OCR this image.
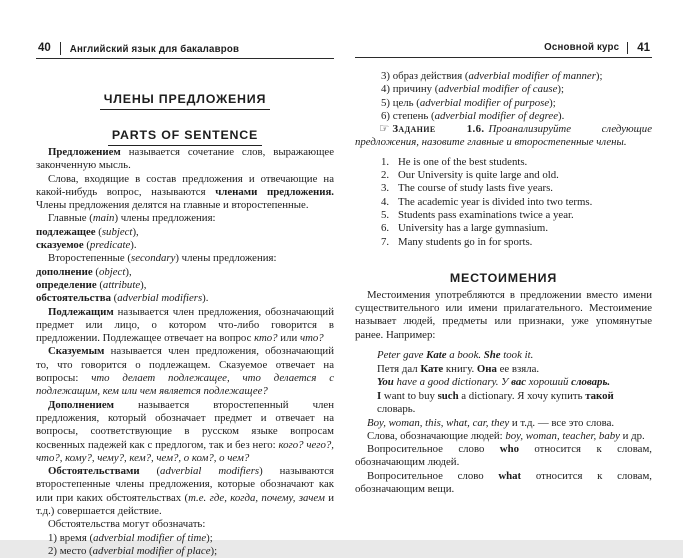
40	Английский язык для бакалавров
ЧЛЕНЫ ПРЕДЛОЖЕНИЯ
PARTS OF SENTENCE

Предложением называется сочетание слов, выражающее законченную мысль.

Слова, входящие в состав предложения и отвечающие на какой-нибудь вопрос, называются членами предложения. Члены предложения делятся на главные и второстепенные.

Главные (main) члены предложения:

подлежащее (subject),

сказуемое (predicate).

Второстепенные (secondary) члены предложения:

дополнение (object),

определение (attribute),

обстоятельства (adverbial modifiers).

Подлежащим называется член предложения, обозначающий предмет или лицо, о котором что-либо говорится в предложении. Подлежащее отвечает на вопрос кто? или что?

Сказуемым называется член предложения, обозначающий то, что говорится о подлежащем. Сказуемое отвечает на вопросы: что делает подлежащее, что делается с подлежащим, кем или чем является подлежащее?

Дополнением называется второстепенный член предложения, который обозначает предмет и отвечает на вопросы, соответствующие в русском языке вопросам косвенных падежей как с предлогом, так и без него: кого? чего?, что?, кому?, чему?, кем?, чем?, о ком?, о чем?

Обстоятельствами (adverbial modifiers) называются второстепенные члены предложения, которые обозначают как или при каких обстоятельствах (т.е. где, когда, почему, зачем и т.д.) совершается действие.

Обстоятельства могут обозначать:

1) время (adverbial modifier of time);

2) место (adverbial modifier of place);

Основной курс	41

3) образ действия (adverbial modifier of manner);

4) причину (adverbial modifier of cause);

5) цель (adverbial modifier of purpose);

6) степень (adverbial modifier of degree).

☞ Задание 1.6. Проанализируйте следующие предложения, назовите главные и второстепенные члены.

1. He is one of the best students.

2. Our University is quite large and old.

3. The course of study lasts five years.

4. The academic year is divided into two terms.

5. Students pass examinations twice a year.

6. University has a large gymnasium.

7. Many students go in for sports.

МЕСТОИМЕНИЯ

Местоимения употребляются в предложении вместо имени существительного или имени прилагательного. Местоимение называет людей, предметы или признаки, уже упомянутые ранее. Например:

Peter gave Kate a book. She took it.

Петя дал Кате книгу. Она ее взяла.

You have a good dictionary. У вас хороший словарь.

I want to buy such a dictionary. Я хочу купить такой словарь.

Boy, woman, this, what, car, they и т.д. — все это слова.

Слова, обозначающие людей: boy, woman, teacher, baby и др.

Вопросительное слово who относится к словам, обозначающим людей.

Вопросительное слово what относится к словам, обозначающим вещи.
